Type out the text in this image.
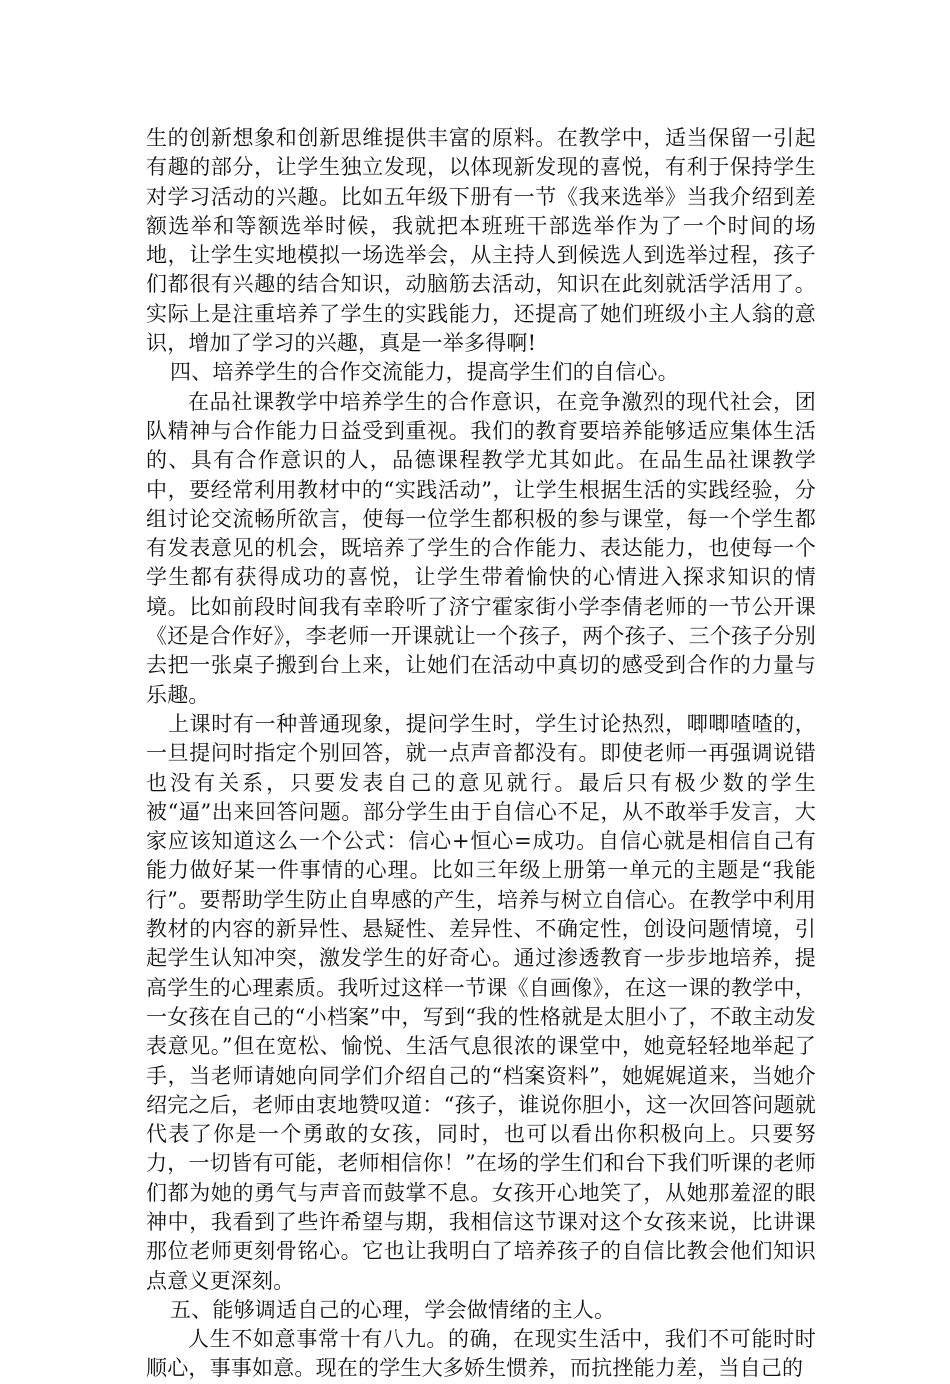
生的创新想象和创新思维提供丰富的原料。在教学中，适当保留一引起有趣的部分，让学生独立发现，以体现新发现的喜悦，有利于保持学生对学习活动的兴趣。比如五年级下册有一节《我来选举》当我介绍到差额选举和等额选举时候，我就把本班班干部选举作为了一个时间的场地，让学生实地模拟一场选举会，从主持人到候选人到选举过程，孩子们都很有兴趣的结合知识，动脑筋去活动，知识在此刻就活学活用了。实际上是注重培养了学生的实践能力，还提高了她们班级小主人翁的意识，增加了学习的兴趣，真是一举多得啊!

四、培养学生的合作交流能力，提高学生们的自信心。

在品社课教学中培养学生的合作意识，在竞争激烈的现代社会，团队精神与合作能力日益受到重视。我们的教育要培养能够适应集体生活的、具有合作意识的人，品德课程教学尤其如此。在品生品社课教学中，要经常利用教材中的“实践活动”，让学生根据生活的实践经验，分组讨论交流畅所欲言，使每一位学生都积极的参与课堂，每一个学生都有发表意见的机会，既培养了学生的合作能力、表达能力，也使每一个学生都有获得成功的喜悦，让学生带着愉快的心情进入探求知识的情境。比如前段时间我有幸聆听了济宁霍家街小学李倩老师的一节公开课《还是合作好》，李老师一开课就让一个孩子，两个孩子、三个孩子分别去把一张桌子搬到台上来，让她们在活动中真切的感受到合作的力量与乐趣。

上课时有一种普通现象，提问学生时，学生讨论热烈，唧唧喳喳的，一旦提问时指定个别回答，就一点声音都没有。即使老师一再强调说错也没有关系，只要发表自己的意见就行。最后只有极少数的学生被“逼”出来回答问题。部分学生由于自信心不足，从不敢举手发言，大家应该知道这么一个公式：信心+恒心=成功。自信心就是相信自己有能力做好某一件事情的心理。比如三年级上册第一单元的主题是“我能行”。要帮助学生防止自卑感的产生，培养与树立自信心。在教学中利用教材的内容的新异性、悬疑性、差异性、不确定性，创设问题情境，引起学生认知冲突，激发学生的好奇心。通过渗透教育一步步地培养，提高学生的心理素质。我听过这样一节课《自画像》，在这一课的教学中，一女孩在自己的“小档案”中，写到“我的性格就是太胆小了，不敢主动发表意见。”但在宽松、愉悦、生活气息很浓的课堂中，她竟轻轻地举起了手，当老师请她向同学们介绍自己的“档案资料”，她娓娓道来，当她介绍完之后，老师由衷地赞叹道：“孩子，谁说你胆小，这一次回答问题就代表了你是一个勇敢的女孩，同时，也可以看出你积极向上。只要努力，一切皆有可能，老师相信你！”在场的学生们和台下我们听课的老师们都为她的勇气与声音而鼓掌不息。女孩开心地笑了，从她那羞涩的眼神中，我看到了些许希望与期，我相信这节课对这个女孩来说，比讲课那位老师更刻骨铭心。它也让我明白了培养孩子的自信比教会他们知识点意义更深刻。

五、能够调适自己的心理，学会做情绪的主人。

人生不如意事常十有八九。的确，在现实生活中，我们不可能时时顺心，事事如意。现在的学生大多娇生惯养，而抗挫能力差，当自己的
